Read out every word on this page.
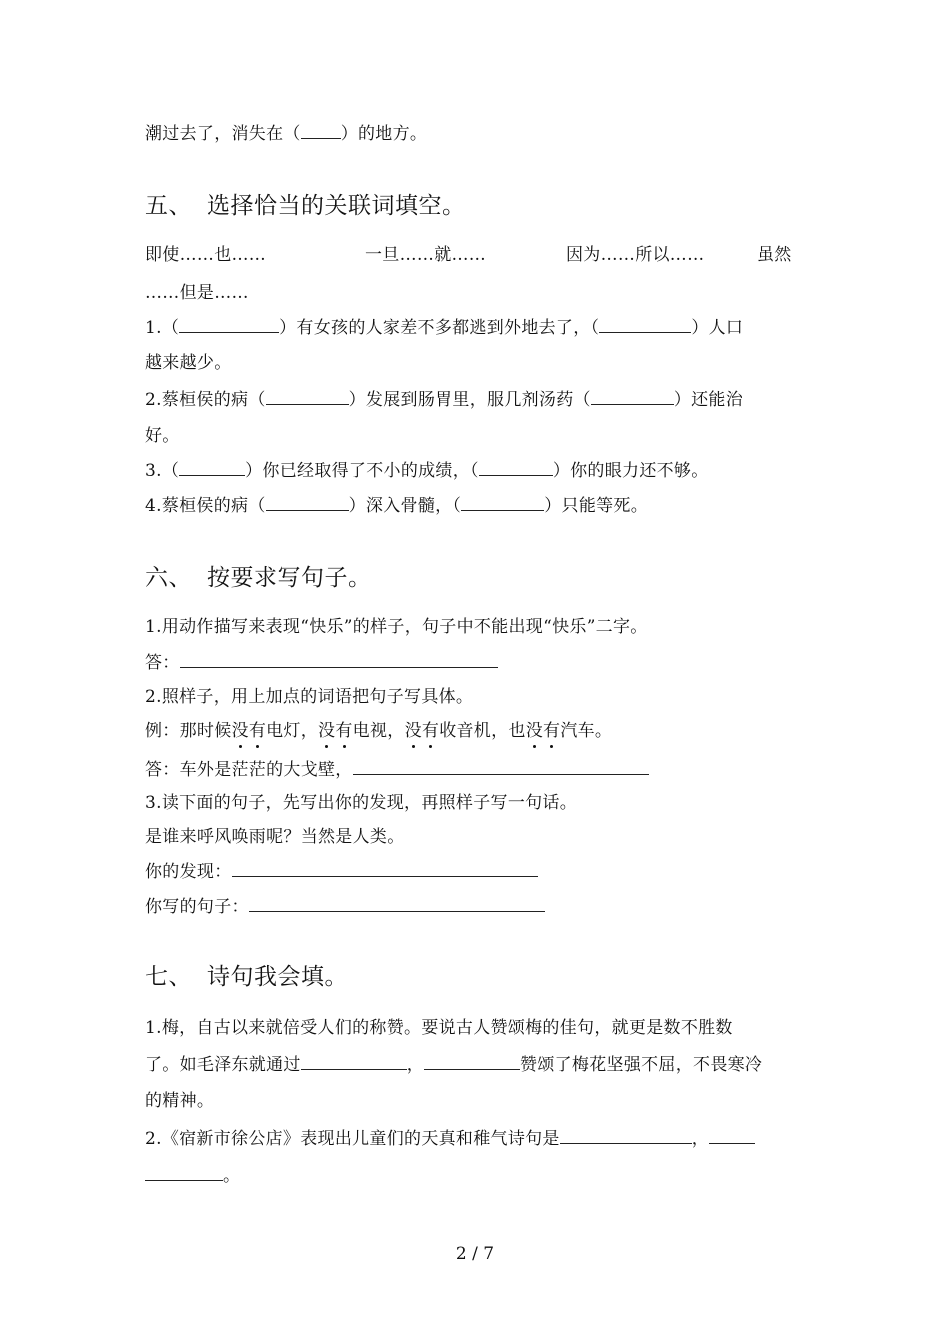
潮过去了，消失在（ ）的地方。
五、 选择恰当的关联词填空。
即使……也……	一旦……就……	因为……所以……	虽然
……但是……
1.（	）有女孩的人家差不多都逃到外地去了，（	）人口
越来越少。
2.蔡桓侯的病（	）发展到肠胃里，服几剂汤药（	）还能治
好。
3.（	）你已经取得了不小的成绩，（	）你的眼力还不够。
4.蔡桓侯的病（	）深入骨髓，（	）只能等死。
六、 按要求写句子。
1.用动作描写来表现“快乐”的样子，句子中不能出现“快乐”二字。
答：
2.照样子，用上加点的词语把句子写具体。
例：那时候没有电灯，没有电视，没有收音机，也没有汽车。
答：车外是茫茫的大戈壁，
3.读下面的句子，先写出你的发现，再照样子写一句话。
是谁来呼风唤雨呢？当然是人类。
你的发现：
你写的句子：
七、 诗句我会填。
1.梅，自古以来就倍受人们的称赞。要说古人赞颂梅的佳句，就更是数不胜数
了。如毛泽东就通过	，	赞颂了梅花坚强不屈，不畏寒冷
的精神。
2.《宿新市徐公店》表现出儿童们的天真和稚气诗句是	，
。
2 / 7
